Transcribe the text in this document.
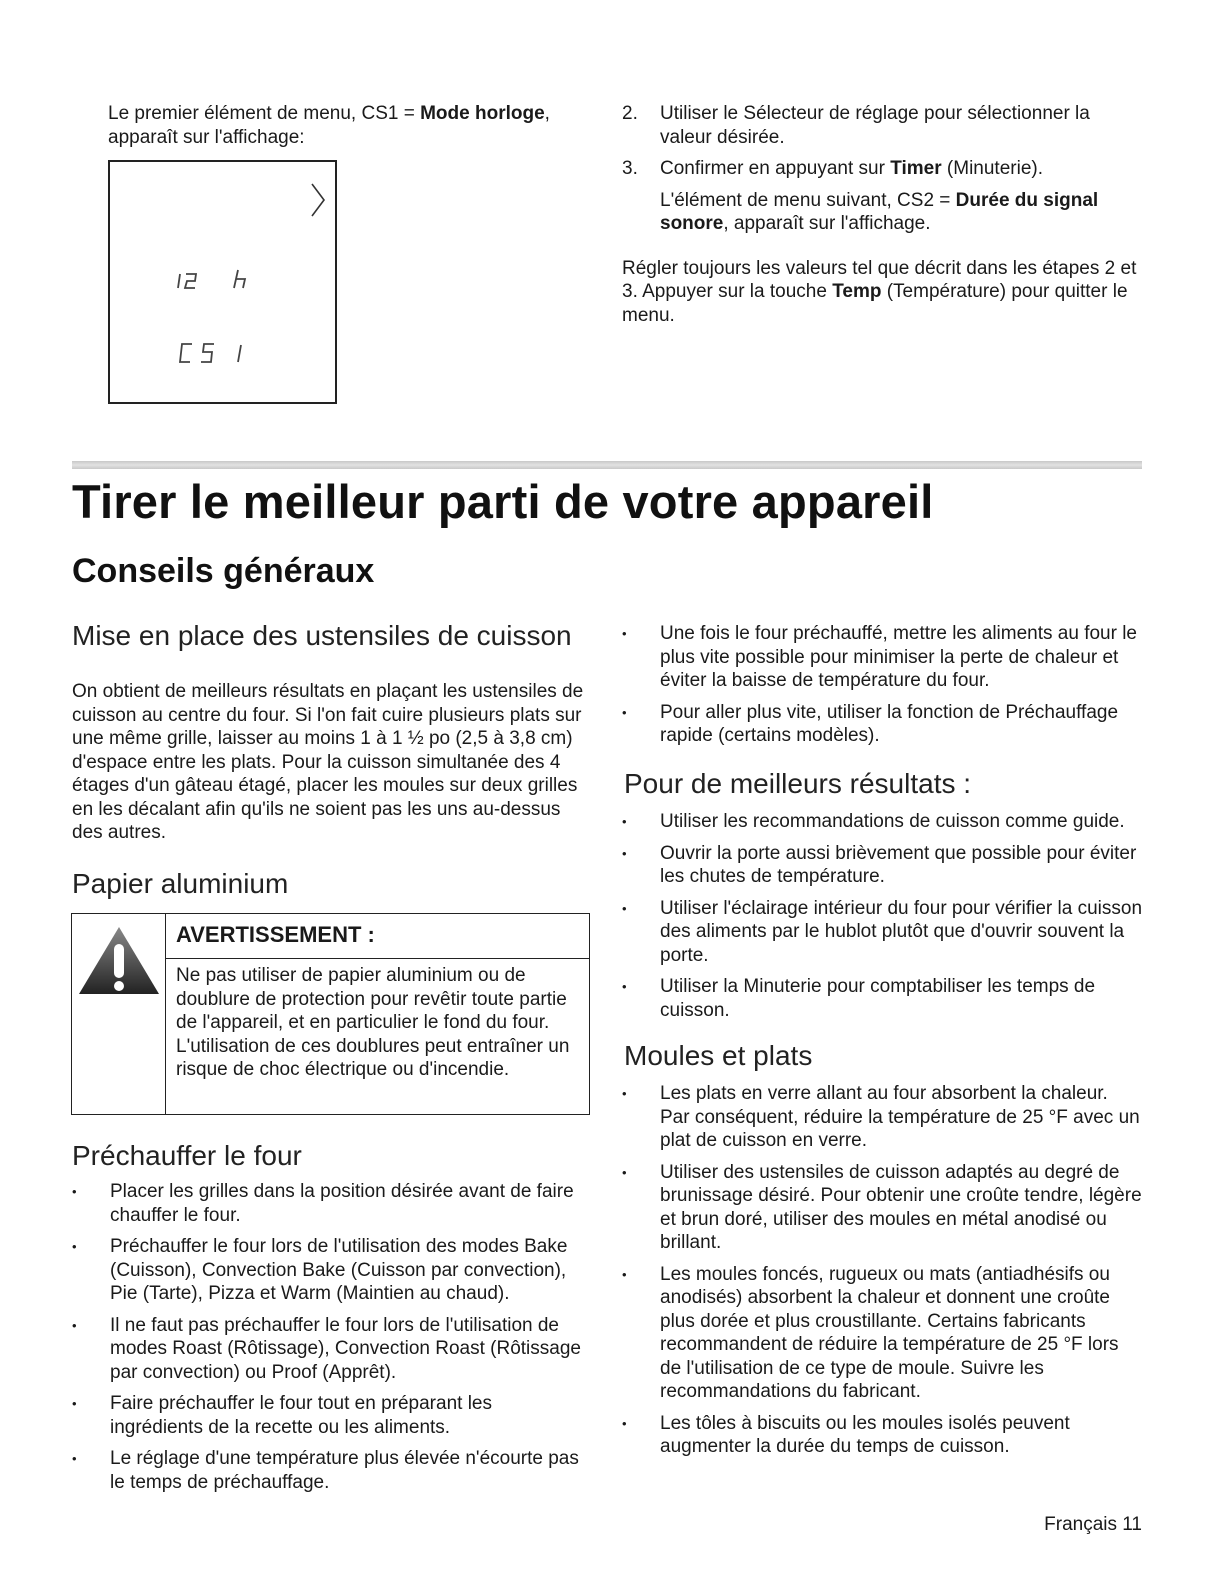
Le premier élément de menu, CS1 = Mode horloge, apparaît sur l'affichage:
2. Utiliser le Sélecteur de réglage pour sélectionner la valeur désirée.
3. Confirmer en appuyant sur Timer (Minuterie).
L'élément de menu suivant, CS2 = Durée du signal sonore, apparaît sur l'affichage.
Régler toujours les valeurs tel que décrit dans les étapes 2 et 3. Appuyer sur la touche Temp (Température) pour quitter le menu.
Tirer le meilleur parti de votre appareil
Conseils généraux
Mise en place des ustensiles de cuisson
On obtient de meilleurs résultats en plaçant les ustensiles de cuisson au centre du four. Si l'on fait cuire plusieurs plats sur une même grille, laisser au moins 1 à 1 ½ po (2,5 à 3,8 cm) d'espace entre les plats. Pour la cuisson simultanée des 4 étages d'un gâteau étagé, placer les moules sur deux grilles en les décalant afin qu'ils ne soient pas les uns au-dessus des autres.
Papier aluminium
AVERTISSEMENT :
Ne pas utiliser de papier aluminium ou de doublure de protection pour revêtir toute partie de l'appareil, et en particulier le fond du four. L'utilisation de ces doublures peut entraîner un risque de choc électrique ou d'incendie.
Préchauffer le four
• Placer les grilles dans la position désirée avant de faire chauffer le four.
• Préchauffer le four lors de l'utilisation des modes Bake (Cuisson), Convection Bake (Cuisson par convection), Pie (Tarte), Pizza et Warm (Maintien au chaud).
• Il ne faut pas préchauffer le four lors de l'utilisation de modes Roast (Rôtissage), Convection Roast (Rôtissage par convection) ou Proof (Apprêt).
• Faire préchauffer le four tout en préparant les ingrédients de la recette ou les aliments.
• Le réglage d'une température plus élevée n'écourte pas le temps de préchauffage.
• Une fois le four préchauffé, mettre les aliments au four le plus vite possible pour minimiser la perte de chaleur et éviter la baisse de température du four.
• Pour aller plus vite, utiliser la fonction de Préchauffage rapide (certains modèles).
Pour de meilleurs résultats :
• Utiliser les recommandations de cuisson comme guide.
• Ouvrir la porte aussi brièvement que possible pour éviter les chutes de température.
• Utiliser l'éclairage intérieur du four pour vérifier la cuisson des aliments par le hublot plutôt que d'ouvrir souvent la porte.
• Utiliser la Minuterie pour comptabiliser les temps de cuisson.
Moules et plats
• Les plats en verre allant au four absorbent la chaleur. Par conséquent, réduire la température de 25 °F avec un plat de cuisson en verre.
• Utiliser des ustensiles de cuisson adaptés au degré de brunissage désiré. Pour obtenir une croûte tendre, légère et brun doré, utiliser des moules en métal anodisé ou brillant.
• Les moules foncés, rugueux ou mats (antiadhésifs ou anodisés) absorbent la chaleur et donnent une croûte plus dorée et plus croustillante. Certains fabricants recommandent de réduire la température de 25 °F lors de l'utilisation de ce type de moule. Suivre les recommandations du fabricant.
• Les tôles à biscuits ou les moules isolés peuvent augmenter la durée du temps de cuisson.
Français 11
